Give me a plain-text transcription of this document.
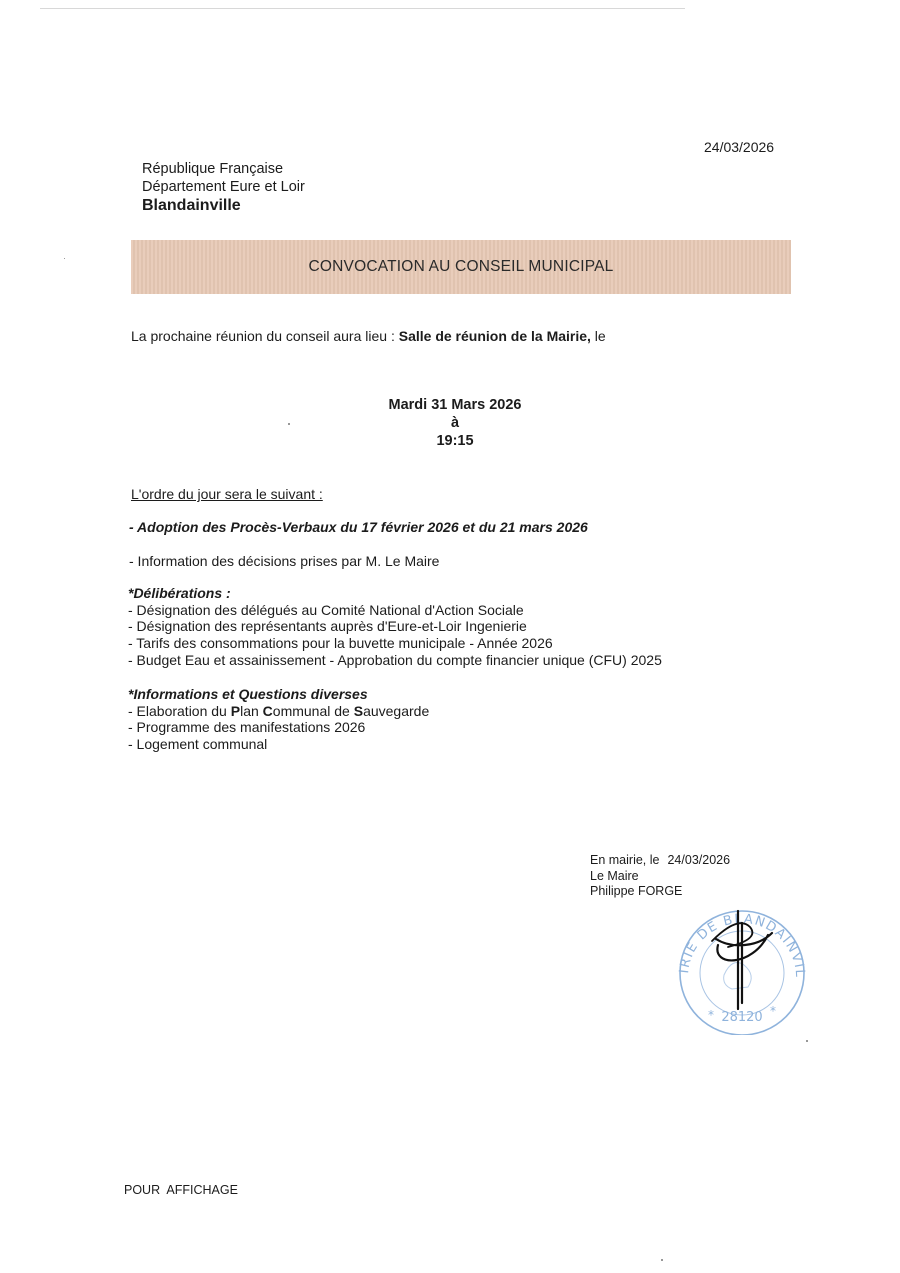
24/03/2026
République Française
Département Eure et Loir
Blandainville
CONVOCATION AU CONSEIL MUNICIPAL
La prochaine réunion du conseil aura lieu : Salle de réunion de la Mairie, le
Mardi 31 Mars 2026
à
19:15
L'ordre du jour sera le suivant :
- Adoption des Procès-Verbaux du 17 février 2026 et du 21 mars 2026
- Information des décisions prises par M. Le Maire
*Délibérations :
- Désignation des délégués au Comité National d'Action Sociale
- Désignation des représentants auprès d'Eure-et-Loir Ingenierie
- Tarifs des consommations pour la buvette municipale - Année 2026
- Budget Eau et assainissement - Approbation du compte financier unique (CFU) 2025
*Informations et Questions diverses
- Elaboration du Plan Communal de Sauvegarde
- Programme des manifestations 2026
- Logement communal
En mairie, le 24/03/2026
Le Maire
Philippe FORGE
IRIE DE BLANDAINVIL
28120
*	*
POUR  AFFICHAGE
